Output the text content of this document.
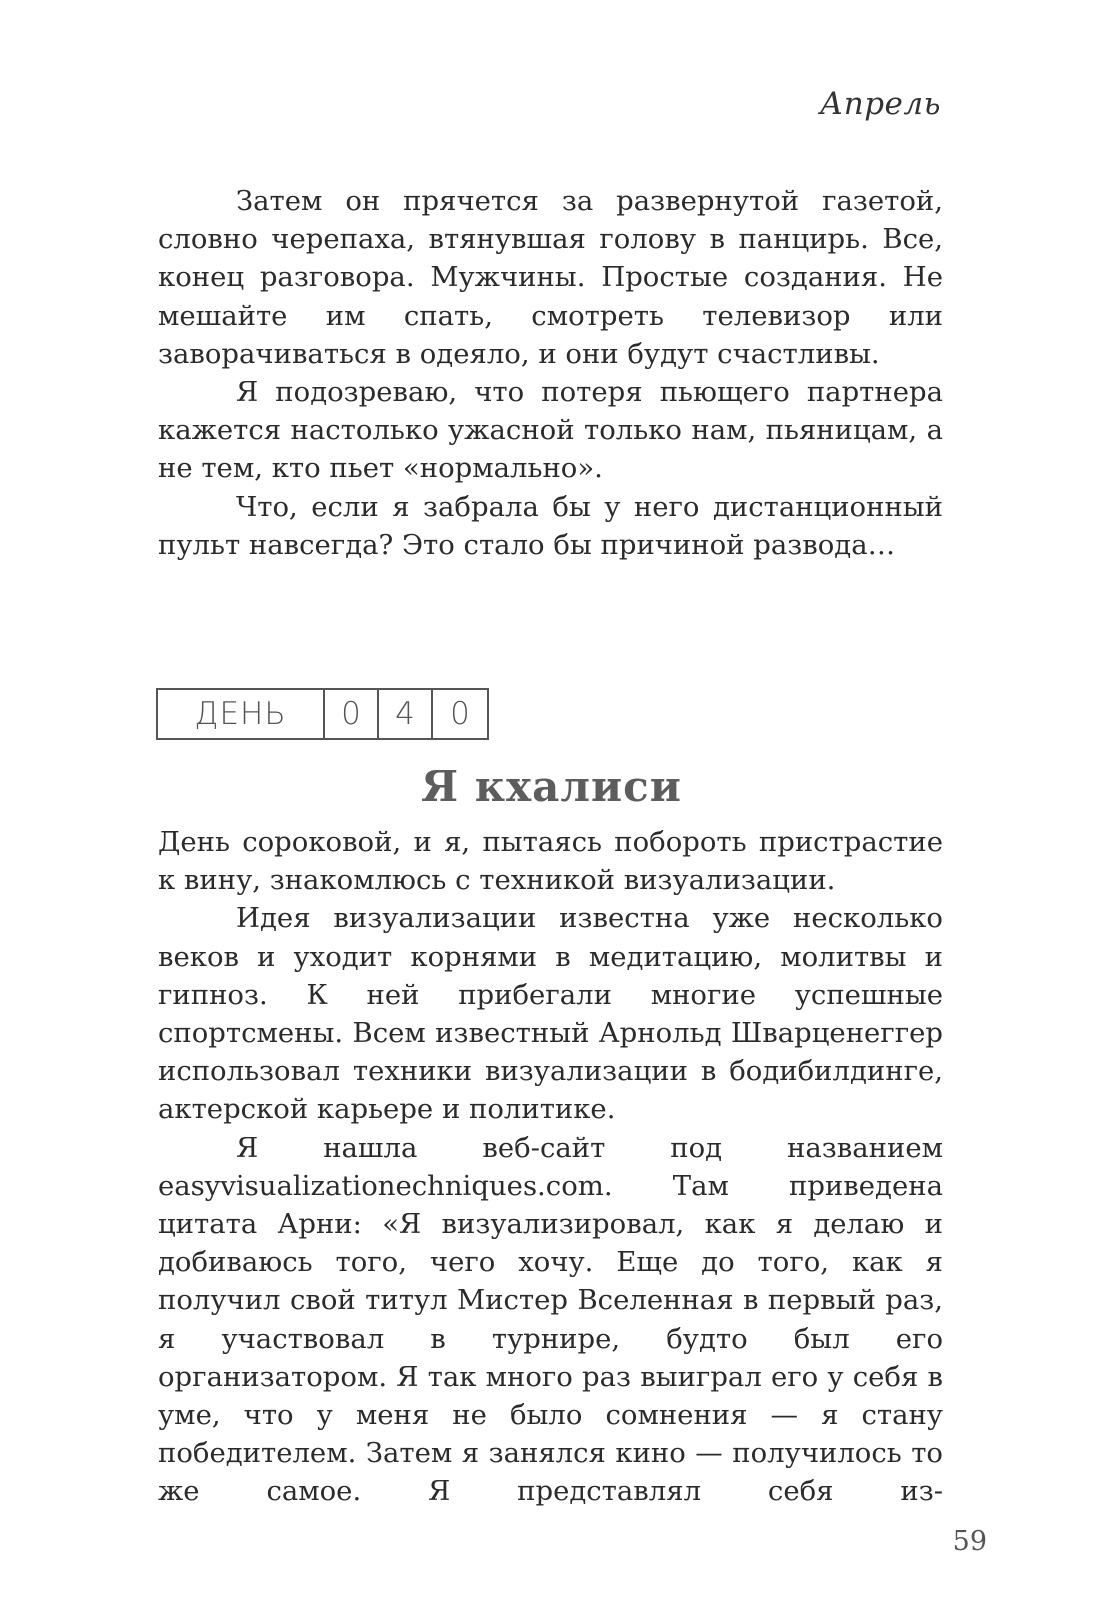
Апрель

Затем он прячется за развернутой газетой, словно черепаха, втянувшая голову в панцирь. Все, конец разговора. Мужчины. Простые создания. Не мешайте им спать, смотреть телевизор или заворачиваться в одеяло, и они будут счастливы.

Я подозреваю, что потеря пьющего партнера кажется настолько ужасной только нам, пьяницам, а не тем, кто пьет «нормально».

Что, если я забрала бы у него дистанционный пульт навсегда? Это стало бы причиной развода…

ДЕНЬ	0	4	0
Я кхалиси

День сороковой, и я, пытаясь побороть пристрастие к вину, знакомлюсь с техникой визуализации.

Идея визуализации известна уже несколько веков и уходит корнями в медитацию, молитвы и гипноз. К ней прибегали многие успешные спортсмены. Всем известный Арнольд Шварценеггер использовал техники визуализации в бодибилдинге, актерской карьере и политике.

Я нашла веб-сайт под названием easyvisualizationechniques.com. Там приведена цитата Арни: «Я визуализировал, как я делаю и добиваюсь того, чего хочу. Еще до того, как я получил свой титул Мистер Вселенная в первый раз, я участвовал в турнире, будто был его организатором. Я так много раз выиграл его у себя в уме, что у меня не было сомнения — я стану победителем. Затем я занялся кино — получилось то же самое. Я представлял себя из-

59
